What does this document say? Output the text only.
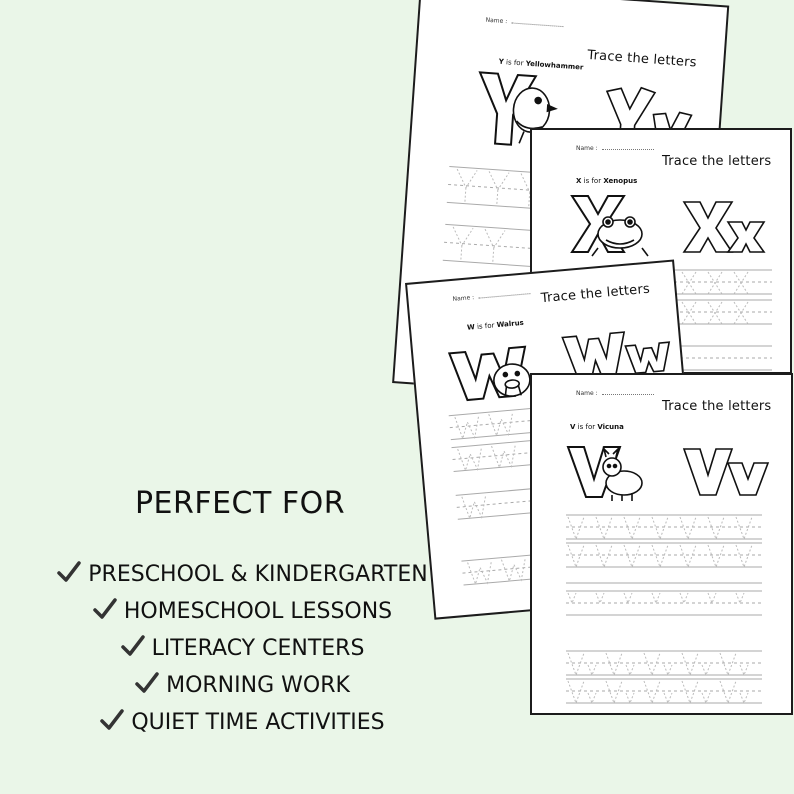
Name :
Trace the letters
Y is for Yellowhammer
Name :
Trace the letters
X is for Xenopus
Name :	Trace the letters
W is for Walrus
Name :
Trace the letters
V is for Vicuna
PERFECT FOR
PRESCHOOL & KINDERGARTEN
HOMESCHOOL LESSONS
LITERACY CENTERS
MORNING WORK
QUIET TIME ACTIVITIES
